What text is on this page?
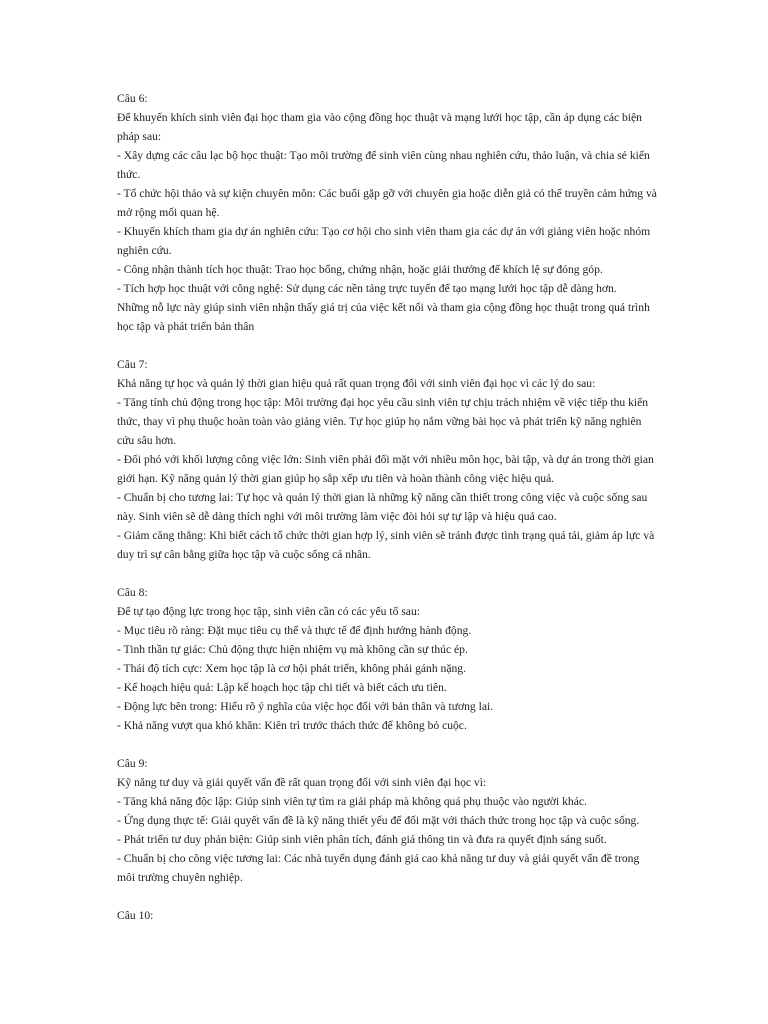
Câu 6:

Để khuyến khích sinh viên đại học tham gia vào cộng đồng học thuật và mạng lưới học tập, cần áp dụng các biện pháp sau:

- Xây dựng các câu lạc bộ học thuật: Tạo môi trường để sinh viên cùng nhau nghiên cứu, thảo luận, và chia sẻ kiến thức.

- Tổ chức hội thảo và sự kiện chuyên môn: Các buổi gặp gỡ với chuyên gia hoặc diễn giả có thể truyền cảm hứng và mở rộng mối quan hệ.

- Khuyến khích tham gia dự án nghiên cứu: Tạo cơ hội cho sinh viên tham gia các dự án với giảng viên hoặc nhóm nghiên cứu.

- Công nhận thành tích học thuật: Trao học bổng, chứng nhận, hoặc giải thưởng để khích lệ sự đóng góp.

- Tích hợp học thuật với công nghệ: Sử dụng các nền tảng trực tuyến để tạo mạng lưới học tập dễ dàng hơn.

Những nỗ lực này giúp sinh viên nhận thấy giá trị của việc kết nối và tham gia cộng đồng học thuật trong quá trình học tập và phát triển bản thân

Câu 7:

Khả năng tự học và quản lý thời gian hiệu quả rất quan trọng đối với sinh viên đại học vì các lý do sau:

- Tăng tính chủ động trong học tập: Môi trường đại học yêu cầu sinh viên tự chịu trách nhiệm về việc tiếp thu kiến thức, thay vì phụ thuộc hoàn toàn vào giảng viên. Tự học giúp họ nắm vững bài học và phát triển kỹ năng nghiên cứu sâu hơn.

- Đối phó với khối lượng công việc lớn: Sinh viên phải đối mặt với nhiều môn học, bài tập, và dự án trong thời gian giới hạn. Kỹ năng quản lý thời gian giúp họ sắp xếp ưu tiên và hoàn thành công việc hiệu quả.

- Chuẩn bị cho tương lai: Tự học và quản lý thời gian là những kỹ năng cần thiết trong công việc và cuộc sống sau này. Sinh viên sẽ dễ dàng thích nghi với môi trường làm việc đòi hỏi sự tự lập và hiệu quả cao.

- Giảm căng thẳng: Khi biết cách tổ chức thời gian hợp lý, sinh viên sẽ tránh được tình trạng quá tải, giảm áp lực và duy trì sự cân bằng giữa học tập và cuộc sống cá nhân.

Câu 8:

Để tự tạo động lực trong học tập, sinh viên cần có các yếu tố sau:

- Mục tiêu rõ ràng: Đặt mục tiêu cụ thể và thực tế để định hướng hành động.

- Tinh thần tự giác: Chủ động thực hiện nhiệm vụ mà không cần sự thúc ép.

- Thái độ tích cực: Xem học tập là cơ hội phát triển, không phải gánh nặng.

- Kế hoạch hiệu quả: Lập kế hoạch học tập chi tiết và biết cách ưu tiên.

- Động lực bên trong: Hiểu rõ ý nghĩa của việc học đối với bản thân và tương lai.

- Khả năng vượt qua khó khăn: Kiên trì trước thách thức để không bỏ cuộc.

Câu 9:

Kỹ năng tư duy và giải quyết vấn đề rất quan trọng đối với sinh viên đại học vì:

- Tăng khả năng độc lập: Giúp sinh viên tự tìm ra giải pháp mà không quá phụ thuộc vào người khác.

- Ứng dụng thực tế: Giải quyết vấn đề là kỹ năng thiết yếu để đối mặt với thách thức trong học tập và cuộc sống.

- Phát triển tư duy phản biện: Giúp sinh viên phân tích, đánh giá thông tin và đưa ra quyết định sáng suốt.

- Chuẩn bị cho công việc tương lai: Các nhà tuyển dụng đánh giá cao khả năng tư duy và giải quyết vấn đề trong môi trường chuyên nghiệp.

Câu 10:
